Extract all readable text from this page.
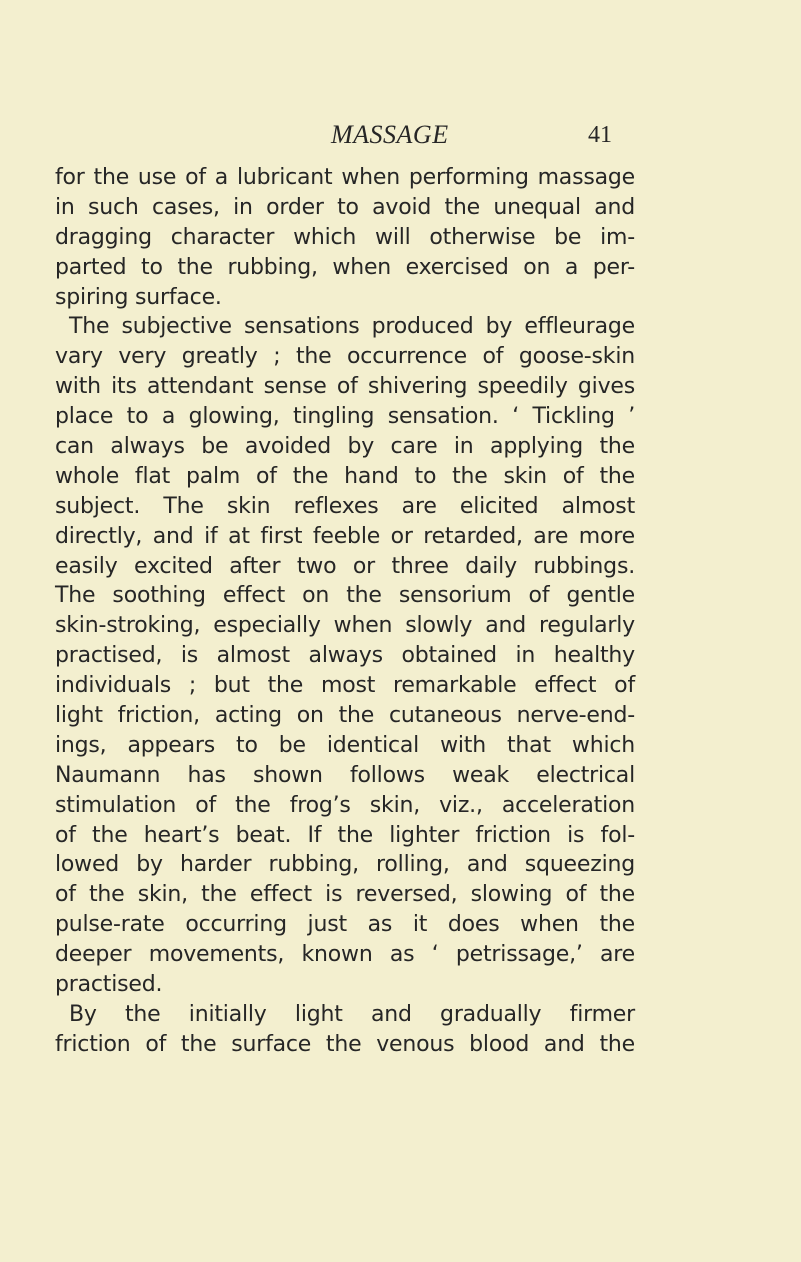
MASSAGE	41
for the use of a lubricant when performing massage
in such cases, in order to avoid the unequal and
dragging character which will otherwise be im-
parted to the rubbing, when exercised on a per-
spiring surface.
The subjective sensations produced by effleurage
vary very greatly ; the occurrence of goose-skin
with its attendant sense of shivering speedily gives
place to a glowing, tingling sensation. ‘ Tickling ’
can always be avoided by care in applying the
whole flat palm of the hand to the skin of the
subject. The skin reflexes are elicited almost
directly, and if at first feeble or retarded, are more
easily excited after two or three daily rubbings.
The soothing effect on the sensorium of gentle
skin-stroking, especially when slowly and regularly
practised, is almost always obtained in healthy
individuals ; but the most remarkable effect of
light friction, acting on the cutaneous nerve-end-
ings, appears to be identical with that which
Naumann has shown follows weak electrical
stimulation of the frog’s skin, viz., acceleration
of the heart’s beat. If the lighter friction is fol-
lowed by harder rubbing, rolling, and squeezing
of the skin, the effect is reversed, slowing of the
pulse-rate occurring just as it does when the
deeper movements, known as ‘ petrissage,’ are
practised.
By the initially light and gradually firmer
friction of the surface the venous blood and the
